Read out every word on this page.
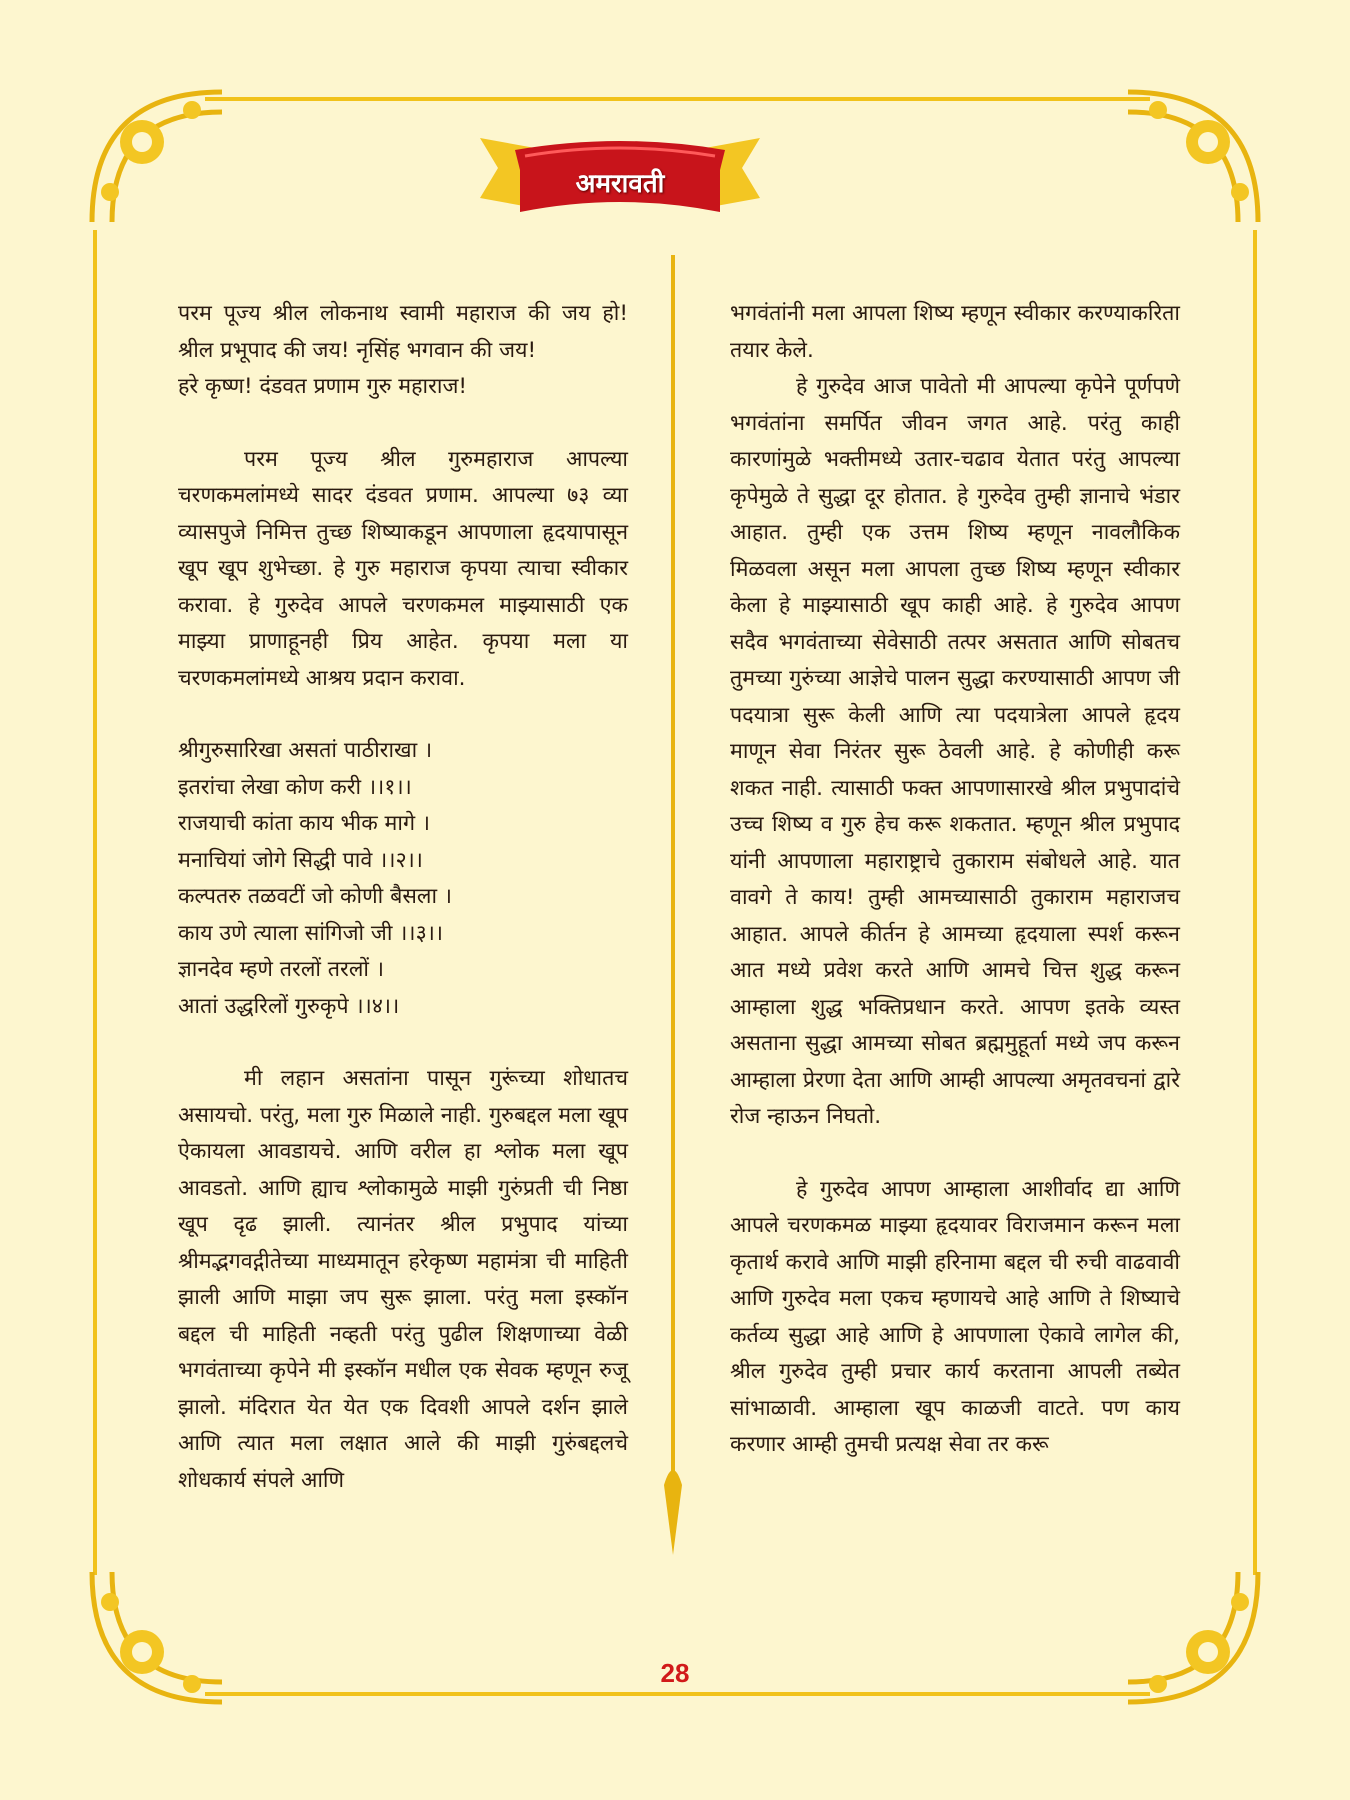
अमरावती

परम पूज्य श्रील लोकनाथ स्वामी महाराज की जय हो! श्रील प्रभूपाद की जय! नृसिंह भगवान की जय!

हरे कृष्ण! दंडवत प्रणाम गुरु महाराज!

परम पूज्य श्रील गुरुमहाराज आपल्या चरणकमलांमध्ये सादर दंडवत प्रणाम. आपल्या ७३ व्या व्यासपुजे निमित्त तुच्छ शिष्याकडून आपणाला हृदयापासून खूप खूप शुभेच्छा. हे गुरु महाराज कृपया त्याचा स्वीकार करावा. हे गुरुदेव आपले चरणकमल माझ्यासाठी एक माझ्या प्राणाहूनही प्रिय आहेत. कृपया मला या चरणकमलांमध्ये आश्रय प्रदान करावा.

श्रीगुरुसारिखा असतां पाठीराखा ।

इतरांचा लेखा कोण करी ।।१।।

राजयाची कांता काय भीक मागे ।

मनाचियां जोगे सिद्धी पावे ।।२।।

कल्पतरु तळवटीं जो कोणी बैसला ।

काय उणे त्याला सांगिजो जी ।।३।।

ज्ञानदेव म्हणे तरलों तरलों ।

आतां उद्धरिलों गुरुकृपे ।।४।।

मी लहान असतांना पासून गुरूंच्या शोधातच असायचो. परंतु, मला गुरु मिळाले नाही. गुरुबद्दल मला खूप ऐकायला आवडायचे. आणि वरील हा श्लोक मला खूप आवडतो. आणि ह्याच श्लोकामुळे माझी गुरुंप्रती ची निष्ठा खूप दृढ झाली. त्यानंतर श्रील प्रभुपाद यांच्या श्रीमद्भगवद्गीतेच्या माध्यमातून हरेकृष्ण महामंत्रा ची माहिती झाली आणि माझा जप सुरू झाला. परंतु मला इस्कॉन बद्दल ची माहिती नव्हती परंतु पुढील शिक्षणाच्या वेळी भगवंताच्या कृपेने मी इस्कॉन मधील एक सेवक म्हणून रुजू झालो. मंदिरात येत येत एक दिवशी आपले दर्शन झाले आणि त्यात मला लक्षात आले की माझी गुरुंबद्दलचे शोधकार्य संपले आणि

भगवंतांनी मला आपला शिष्य म्हणून स्वीकार करण्याकरिता तयार केले.

हे गुरुदेव आज पावेतो मी आपल्या कृपेने पूर्णपणे भगवंतांना समर्पित जीवन जगत आहे. परंतु काही कारणांमुळे भक्तीमध्ये उतार-चढाव येतात परंतु आपल्या कृपेमुळे ते सुद्धा दूर होतात. हे गुरुदेव तुम्ही ज्ञानाचे भंडार आहात. तुम्ही एक उत्तम शिष्य म्हणून नावलौकिक मिळवला असून मला आपला तुच्छ शिष्य म्हणून स्वीकार केला हे माझ्यासाठी खूप काही आहे. हे गुरुदेव आपण सदैव भगवंताच्या सेवेसाठी तत्पर असतात आणि सोबतच तुमच्या गुरुंच्या आज्ञेचे पालन सुद्धा करण्यासाठी आपण जी पदयात्रा सुरू केली आणि त्या पदयात्रेला आपले हृदय माणून सेवा निरंतर सुरू ठेवली आहे. हे कोणीही करू शकत नाही. त्यासाठी फक्त आपणासारखे श्रील प्रभुपादांचे उच्च शिष्य व गुरु हेच करू शकतात. म्हणून श्रील प्रभुपाद यांनी आपणाला महाराष्ट्राचे तुकाराम संबोधले आहे. यात वावगे ते काय! तुम्ही आमच्यासाठी तुकाराम महाराजच आहात. आपले कीर्तन हे आमच्या हृदयाला स्पर्श करून आत मध्ये प्रवेश करते आणि आमचे चित्त शुद्ध करून आम्हाला शुद्ध भक्तिप्रधान करते. आपण इतके व्यस्त असताना सुद्धा आमच्या सोबत ब्रह्ममुहूर्ता मध्ये जप करून आम्हाला प्रेरणा देता आणि आम्ही आपल्या अमृतवचनां द्वारे रोज न्हाऊन निघतो.

हे गुरुदेव आपण आम्हाला आशीर्वाद द्या आणि आपले चरणकमळ माझ्या हृदयावर विराजमान करून मला कृतार्थ करावे आणि माझी हरिनामा बद्दल ची रुची वाढवावी आणि गुरुदेव मला एकच म्हणायचे आहे आणि ते शिष्याचे कर्तव्य सुद्धा आहे आणि हे आपणाला ऐकावे लागेल की, श्रील गुरुदेव तुम्ही प्रचार कार्य करताना आपली तब्येत सांभाळावी. आम्हाला खूप काळजी वाटते. पण काय करणार आम्ही तुमची प्रत्यक्ष सेवा तर करू

28
